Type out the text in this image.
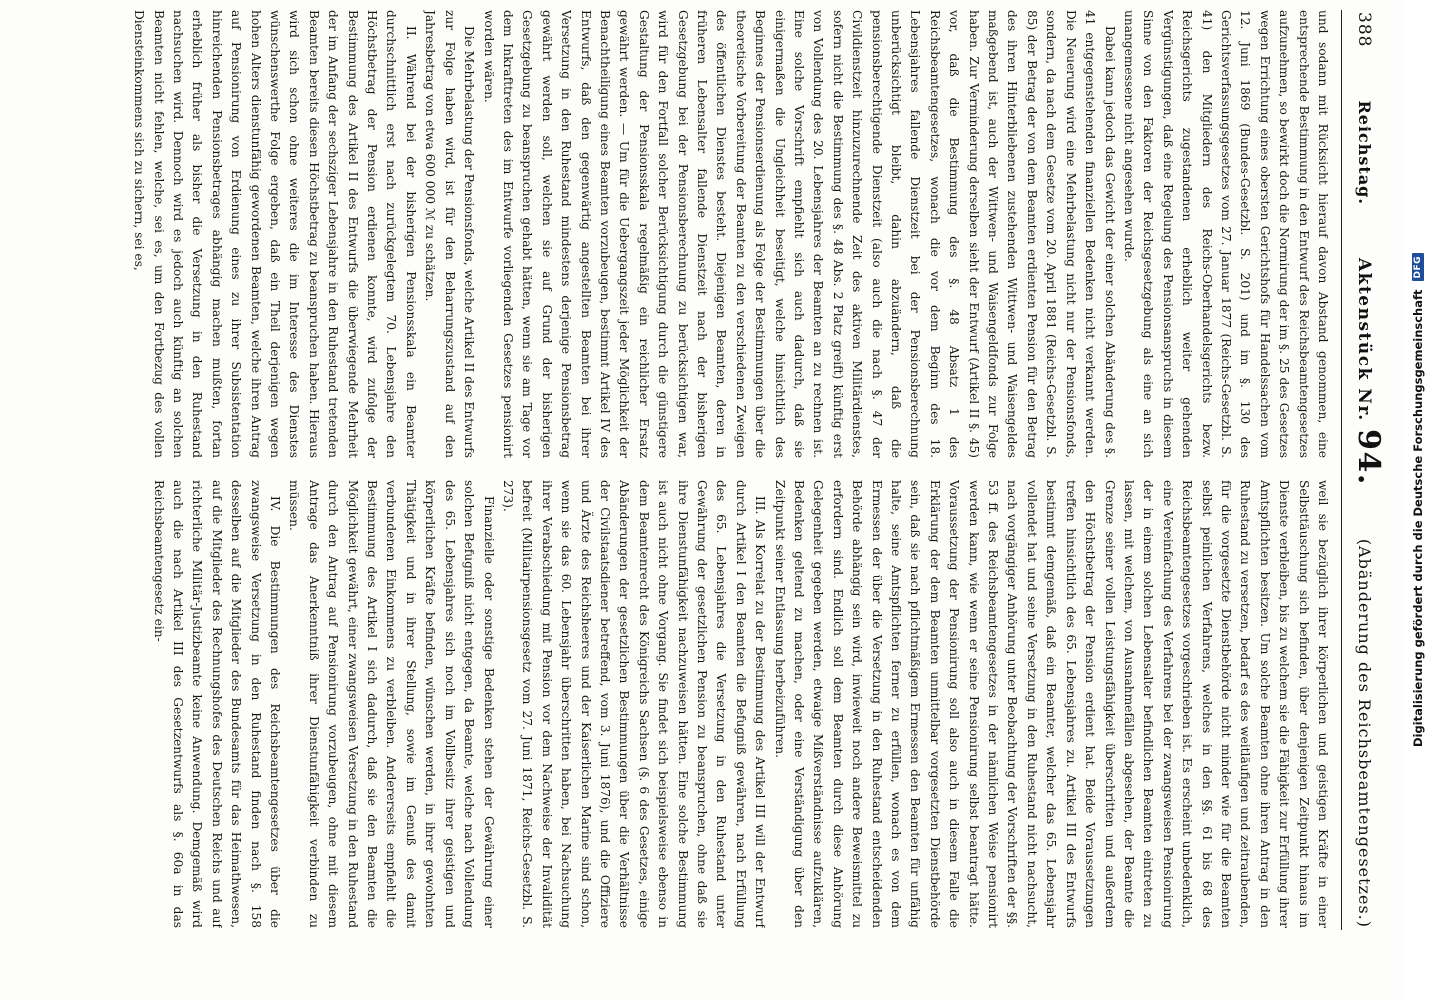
388
Reichstag.
Aktenstück Nr. 94.
(Abänderung des Reichsbeamtengesetzes.)

und sodann mit Rücksicht hierauf davon Abstand genommen, eine entsprechende Bestimmung in den Entwurf des Reichsbeamtengesetzes aufzunehmen, so bewirkt doch die Normirung der im §. 25 des Gesetzes wegen Errichtung eines obersten Gerichtshofs für Handelssachen vom 12. Juni 1869 (Bundes-Gesetzbl. S. 201) und im §. 130 des Gerichtsverfassungsgesetzes vom 27. Januar 1877 (Reichs-Gesetzbl. S. 41) den Mitgliedern des Reichs-Oberhandelsgerichts bezw. Reichsgerichts zugestandenen erheblich weiter gehenden Vergünstigungen, daß eine Regelung des Pensionsanspruchs in diesem Sinne von den Faktoren der Reichsgesetzgebung als eine an sich unangemessene nicht angesehen wurde.

Dabei kann jedoch das Gewicht der einer solchen Abänderung des §. 41 entgegenstehenden finanziellen Bedenken nicht verkannt werden. Die Neuerung wird eine Mehrbelastung nicht nur der Pensionsfonds, sondern, da nach dem Gesetze vom 20. April 1881 (Reichs-Gesetzbl. S. 85) der Betrag der von dem Beamten erdienten Pension für den Betrag des ihren Hinterbliebenen zustehenden Wittwen- und Waisengeldes maßgebend ist, auch der Wittwen- und Waisengeldfonds zur Folge haben. Zur Verminderung derselben sieht der Entwurf (Artikel II §. 45) vor, daß die Bestimmung des §. 48 Absatz 1 des Reichsbeamtengesetzes, wonach die vor dem Beginn des 18. Lebensjahres fallende Dienstzeit bei der Pensionsberechnung unberücksichtigt bleibt, dahin abzuändern, daß die pensionsberechtigende Dienstzeit (also auch die nach §. 47 der Civildienstzeit hinzuzurechnende Zeit des aktiven Militärdienstes, sofern nicht die Bestimmung des §. 48 Abs. 2 Platz greift) künftig erst von Vollendung des 20. Lebensjahres der Beamten an zu rechnen ist. Eine solche Vorschrift empfiehlt sich auch dadurch, daß sie einigermaßen die Ungleichheit beseitigt, welche hinsichtlich des Beginnes der Pensionserdienung als Folge der Bestimmungen über die theoretische Vorbereitung der Beamten zu den verschiedenen Zweigen des öffentlichen Dienstes besteht. Diejenigen Beamten, deren in früheren Lebensalter fallende Dienstzeit nach der bisherigen Gesetzgebung bei der Pensionsberechnung zu berücksichtigen war, wird für den Fortfall solcher Berücksichtigung durch die günstigere Gestaltung der Pensionsskala regelmäßig ein reichlicher Ersatz gewährt werden. — Um für die Uebergangszeit jeder Möglichkeit der Benachtheiligung eines Beamten vorzubeugen, bestimmt Artikel IV des Entwurfs, daß den gegenwärtig angestellten Beamten bei ihrer Versetzung in den Ruhestand mindestens derjenige Pensionsbetrag gewährt werden soll, welchen sie auf Grund der bisherigen Gesetzgebung zu beanspruchen gehabt hätten, wenn sie am Tage vor dem Inkrafttreten des im Entwurfe vorliegenden Gesetzes pensionirt worden wären.

Die Mehrbelastung der Pensionsfonds, welche Artikel II des Entwurfs zur Folge haben wird, ist für den Beharrungszustand auf den Jahresbetrag von etwa 600 000 ℳ zu schätzen.

II. Während bei der bisherigen Pensionsskala ein Beamter durchschnittlich erst nach zurückgelegtem 70. Lebensjahre den Höchstbetrag der Pension erdienen konnte, wird zufolge der Bestimmung des Artikel II des Entwurfs die überwiegende Mehrheit der im Anfang der sechsziger Lebensjahre in den Ruhestand tretenden Beamten bereits diesen Höchstbetrag zu beanspruchen haben. Hieraus wird sich schon ohne weiteres die im Interesse des Dienstes wünschenswerthe Folge ergeben, daß ein Theil derjenigen wegen hohen Alters dienstunfähig gewordenen Beamten, welche ihren Antrag auf Pensionirung von Erdienung eines zu ihrer Subsistentation hinreichenden Pensionsbetrages abhängig machen mußten, fortan erheblich früher als bisher die Versetzung in den Ruhestand nachsuchen wird. Dennoch wird es jedoch auch künftig an solchen Beamten nicht fehlen, welche, sei es, um den Fortbezug des vollen Diensteinkommens sich zu sichern, sei es,

weil sie bezüglich ihrer körperlichen und geistigen Kräfte in einer Selbsttäuschung sich befinden, über denjenigen Zeitpunkt hinaus im Dienste verbleiben, bis zu welchem sie die Fähigkeit zur Erfüllung ihrer Amtspflichten besitzen. Um solche Beamten ohne ihren Antrag in den Ruhestand zu versetzen, bedarf es des weitläufigen und zeitraubenden, für die vorgesetzte Dienstbehörde nicht minder wie für die Beamten selbst peinlichen Verfahrens, welches in den §§. 61 bis 68 des Reichsbeamtengesetzes vorgeschrieben ist. Es erscheint unbedenklich, eine Vereinfachung des Verfahrens bei der zwangsweisen Pensionirung der in einem solchen Lebensalter befindlichen Beamten eintreten zu lassen, mit welchem, von Ausnahmefällen abgesehen, der Beamte die Grenze seiner vollen Leistungsfähigkeit überschritten und außerdem den Höchstbetrag der Pension erdient hat. Beide Voraussetzungen treffen hinsichtlich des 65. Lebensjahres zu. Artikel III des Entwurfs bestimmt demgemäß, daß ein Beamter, welcher das 65. Lebensjahr vollendet hat und seine Versetzung in den Ruhestand nicht nachsucht, nach vorgängiger Anhörung unter Beobachtung der Vorschriften der §§. 53 ff. des Reichsbeamtengesetzes in der nämlichen Weise pensionirt werden kann, wie wenn er seine Pensionirung selbst beantragt hätte. Voraussetzung der Pensionirung soll also auch in diesem Falle die Erklärung der dem Beamten unmittelbar vorgesetzten Dienstbehörde sein, daß sie nach pflichtmäßigem Ermessen den Beamten für unfähig halte, seine Amtspflichten ferner zu erfüllen, wonach es von dem Ermessen der über die Versetzung in den Ruhestand entscheidenden Behörde abhängig sein wird, inwieweit noch andere Beweismittel zu erfordern sind. Endlich soll dem Beamten durch diese Anhörung Gelegenheit gegeben werden, etwaige Mißverständnisse aufzuklären, Bedenken geltend zu machen, oder eine Verständigung über den Zeitpunkt seiner Entlassung herbeizuführen.

III. Als Korrelat zu der Bestimmung des Artikel III will der Entwurf durch Artikel I den Beamten die Befugniß gewähren, nach Erfüllung des 65. Lebensjahres die Versetzung in den Ruhestand unter Gewährung der gesetzlichen Pension zu beanspruchen, ohne daß sie ihre Dienstunfähigkeit nachzuweisen hätten. Eine solche Bestimmung ist auch nicht ohne Vorgang. Sie findet sich beispielsweise ebenso in dem Beamtenrecht des Königreichs Sachsen (§. 6 des Gesetzes, einige Abänderungen der gesetzlichen Bestimmungen über die Verhältnisse der Civilstaatsdiener betreffend, vom 3. Juni 1876), und die Offiziere und Ärzte des Reichsheeres und der Kaiserlichen Marine sind schon, wenn sie das 60. Lebensjahr überschritten haben, bei Nachsuchung ihrer Verabschiedung mit Pension vor dem Nachweise der Invalidität befreit (Militairpensionsgesetz vom 27. Juni 1871, Reichs-Gesetzbl. S. 273).

Finanzielle oder sonstige Bedenken stehen der Gewährung einer solchen Befugniß nicht entgegen, da Beamte, welche nach Vollendung des 65. Lebensjahres sich noch im Vollbesitz ihrer geistigen und körperlichen Kräfte befinden, wünschen werden, in ihrer gewohnten Thätigkeit und in ihrer Stellung, sowie im Genuß des damit verbundenen Einkommens zu verbleiben. Andererseits empfiehlt die Bestimmung des Artikel I sich dadurch, daß sie den Beamten die Möglichkeit gewährt, einer zwangsweisen Versetzung in den Ruhestand durch den Antrag auf Pensionirung vorzubeugen, ohne mit diesem Antrage das Anerkenntniß ihrer Dienstunfähigkeit verbinden zu müssen.

IV. Die Bestimmungen des Reichsbeamtengesetzes über die zwangsweise Versetzung in den Ruhestand finden nach §. 158 desselben auf die Mitglieder des Bundesamts für das Heimathwesen, auf die Mitglieder des Rechnungshofes des Deutschen Reichs und auf richterliche Militär-Justizbeamte keine Anwendung. Demgemäß wird auch die nach Artikel III des Gesetzentwurfs als §. 60a in das Reichsbeamtengesetz ein-	Digitalisierung gefördert durch die Deutsche Forschungsgemeinschaft
DFG
